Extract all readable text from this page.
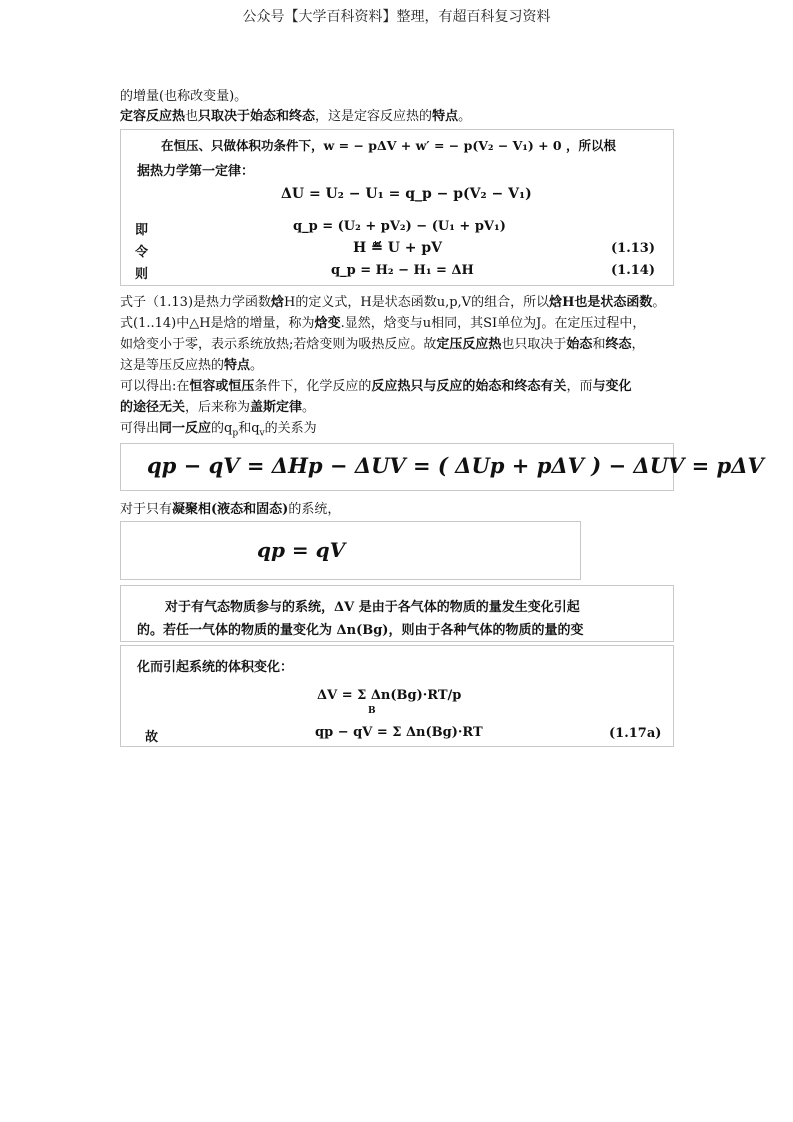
公众号【大学百科资料】整理，有超百科复习资料
的增量(也称改变量)。
定容反应热也只取决于始态和终态，这是定容反应热的特点。
在恒压、只做体积功条件下，w = − pΔV + w′ = − p(V₂ − V₁) + 0 ，所以根
据热力学第一定律：
ΔU = U₂ − U₁ = q_p − p(V₂ − V₁)
即	q_p = (U₂ + pV₂) − (U₁ + pV₁)
令	H ≝ U + pV	(1.13)
则	q_p = H₂ − H₁ = ΔH	(1.14)
式子（1.13)是热力学函数焓H的定义式，H是状态函数u,p,V的组合，所以焓H也是状态函数。
式(1..14)中△H是焓的增量，称为焓变.显然，焓变与u相同，其SI单位为J。在定压过程中，
如焓变小于零，表示系统放热;若焓变则为吸热反应。故定压反应热也只取决于始态和终态，
这是等压反应热的特点。
可以得出:在恒容或恒压条件下，化学反应的反应热只与反应的始态和终态有关，而与变化
的途径无关，后来称为盖斯定律。
可得出同一反应的$q_p$和$q_v$的关系为
qp − qV = ΔHp − ΔUV = ( ΔUp + pΔV ) − ΔUV = pΔV
对于只有凝聚相(液态和固态)的系统，
qp = qV
对于有气态物质参与的系统，ΔV 是由于各气体的物质的量发生变化引起
的。若任一气体的物质的量变化为 Δn(Bg)，则由于各种气体的物质的量的变
化而引起系统的体积变化：
ΔV = Σ Δn(Bg)·RT/p
B
故	qp − qV = Σ Δn(Bg)·RT	(1.17a)
